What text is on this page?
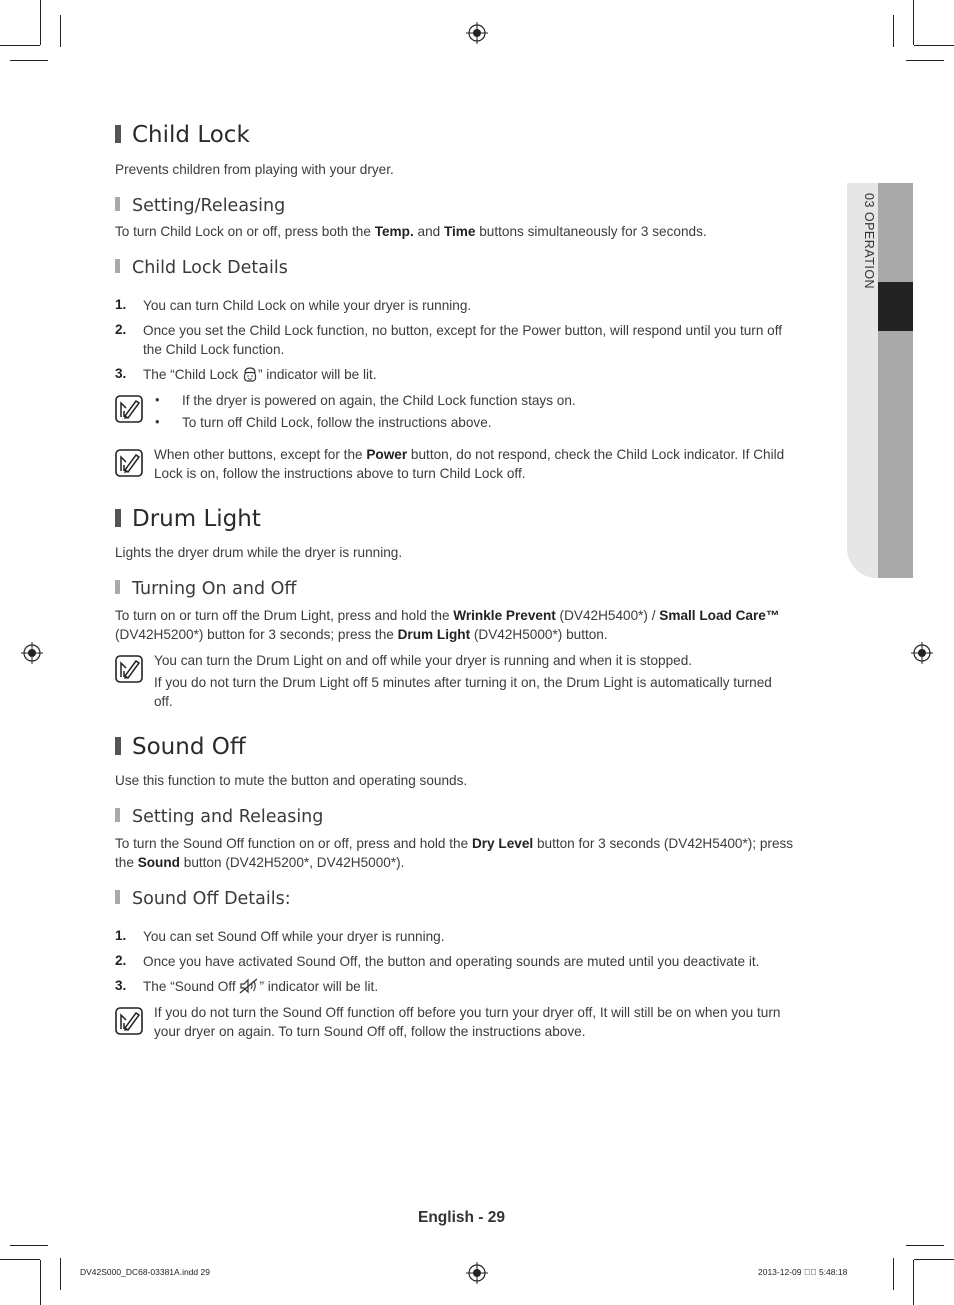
03 OPERATION
Child Lock
Prevents children from playing with your dryer.
Setting/Releasing
To turn Child Lock on or off, press both the Temp. and Time buttons simultaneously for 3 seconds.
Child Lock Details
1. You can turn Child Lock on while your dryer is running.
2. Once you set the Child Lock function, no button, except for the Power button, will respond until you turn off
the Child Lock function.
3. The “Child Lock ” indicator will be lit.
• If the dryer is powered on again, the Child Lock function stays on.
• To turn off Child Lock, follow the instructions above.
When other buttons, except for the Power button, do not respond, check the Child Lock indicator. If Child
Lock is on, follow the instructions above to turn Child Lock off.
Drum Light
Lights the dryer drum while the dryer is running.
Turning On and Off
To turn on or turn off the Drum Light, press and hold the Wrinkle Prevent (DV42H5400*) / Small Load Care™
(DV42H5200*) button for 3 seconds; press the Drum Light (DV42H5000*) button.
You can turn the Drum Light on and off while your dryer is running and when it is stopped.
If you do not turn the Drum Light off 5 minutes after turning it on, the Drum Light is automatically turned
off.
Sound Off
Use this function to mute the button and operating sounds.
Setting and Releasing
To turn the Sound Off function on or off, press and hold the Dry Level button for 3 seconds (DV42H5400*); press
the Sound button (DV42H5200*, DV42H5000*).
Sound Off Details:
1. You can set Sound Off while your dryer is running.
2. Once you have activated Sound Off, the button and operating sounds are muted until you deactivate it.
3. The “Sound Off ” indicator will be lit.
If you do not turn the Sound Off function off before you turn your dryer off, It will still be on when you turn
your dryer on again. To turn Sound Off off, follow the instructions above.
English - 29
DV42S000_DC68-03381A.indd 29	2013-12-09 ￿￿ 5:48:18
